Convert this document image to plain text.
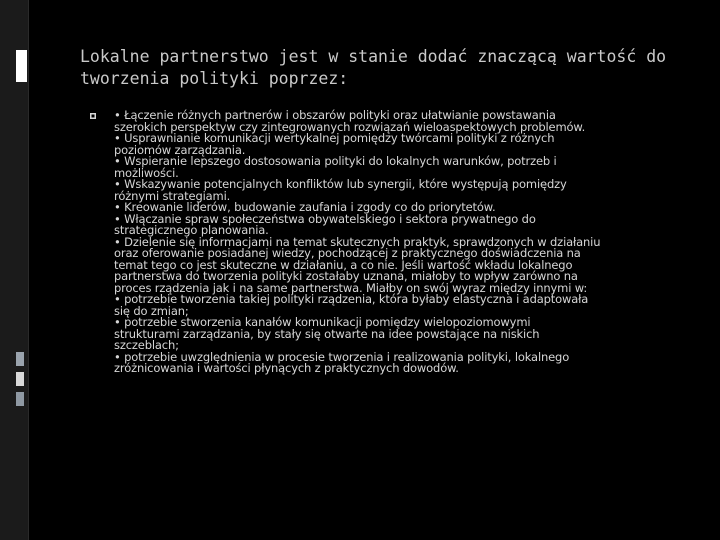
Lokalne partnerstwo jest w stanie dodać znaczącą wartość do
tworzenia polityki poprzez:

• Łączenie różnych partnerów i obszarów polityki oraz ułatwianie powstawania
szerokich perspektyw czy zintegrowanych rozwiązań wieloaspektowych problemów.
• Usprawnianie komunikacji wertykalnej pomiędzy twórcami polityki z różnych
poziomów zarządzania.
• Wspieranie lepszego dostosowania polityki do lokalnych warunków, potrzeb i
możliwości.
• Wskazywanie potencjalnych konfliktów lub synergii, które występują pomiędzy
różnymi strategiami.
• Kreowanie liderów, budowanie zaufania i zgody co do priorytetów.
• Włączanie spraw społeczeństwa obywatelskiego i sektora prywatnego do
strategicznego planowania.
• Dzielenie się informacjami na temat skutecznych praktyk, sprawdzonych w działaniu
oraz oferowanie posiadanej wiedzy, pochodzącej z praktycznego doświadczenia na
temat tego co jest skuteczne w działaniu, a co nie. Jeśli wartość wkładu lokalnego
partnerstwa do tworzenia polityki zostałaby uznana, miałoby to wpływ zarówno na
proces rządzenia jak i na same partnerstwa. Miałby on swój wyraz między innymi w:
• potrzebie tworzenia takiej polityki rządzenia, która byłaby elastyczna i adaptowała
się do zmian;
• potrzebie stworzenia kanałów komunikacji pomiędzy wielopoziomowymi
strukturami zarządzania, by stały się otwarte na idee powstające na niskich
szczeblach;
• potrzebie uwzględnienia w procesie tworzenia i realizowania polityki, lokalnego
zróżnicowania i wartości płynących z praktycznych dowodów.
